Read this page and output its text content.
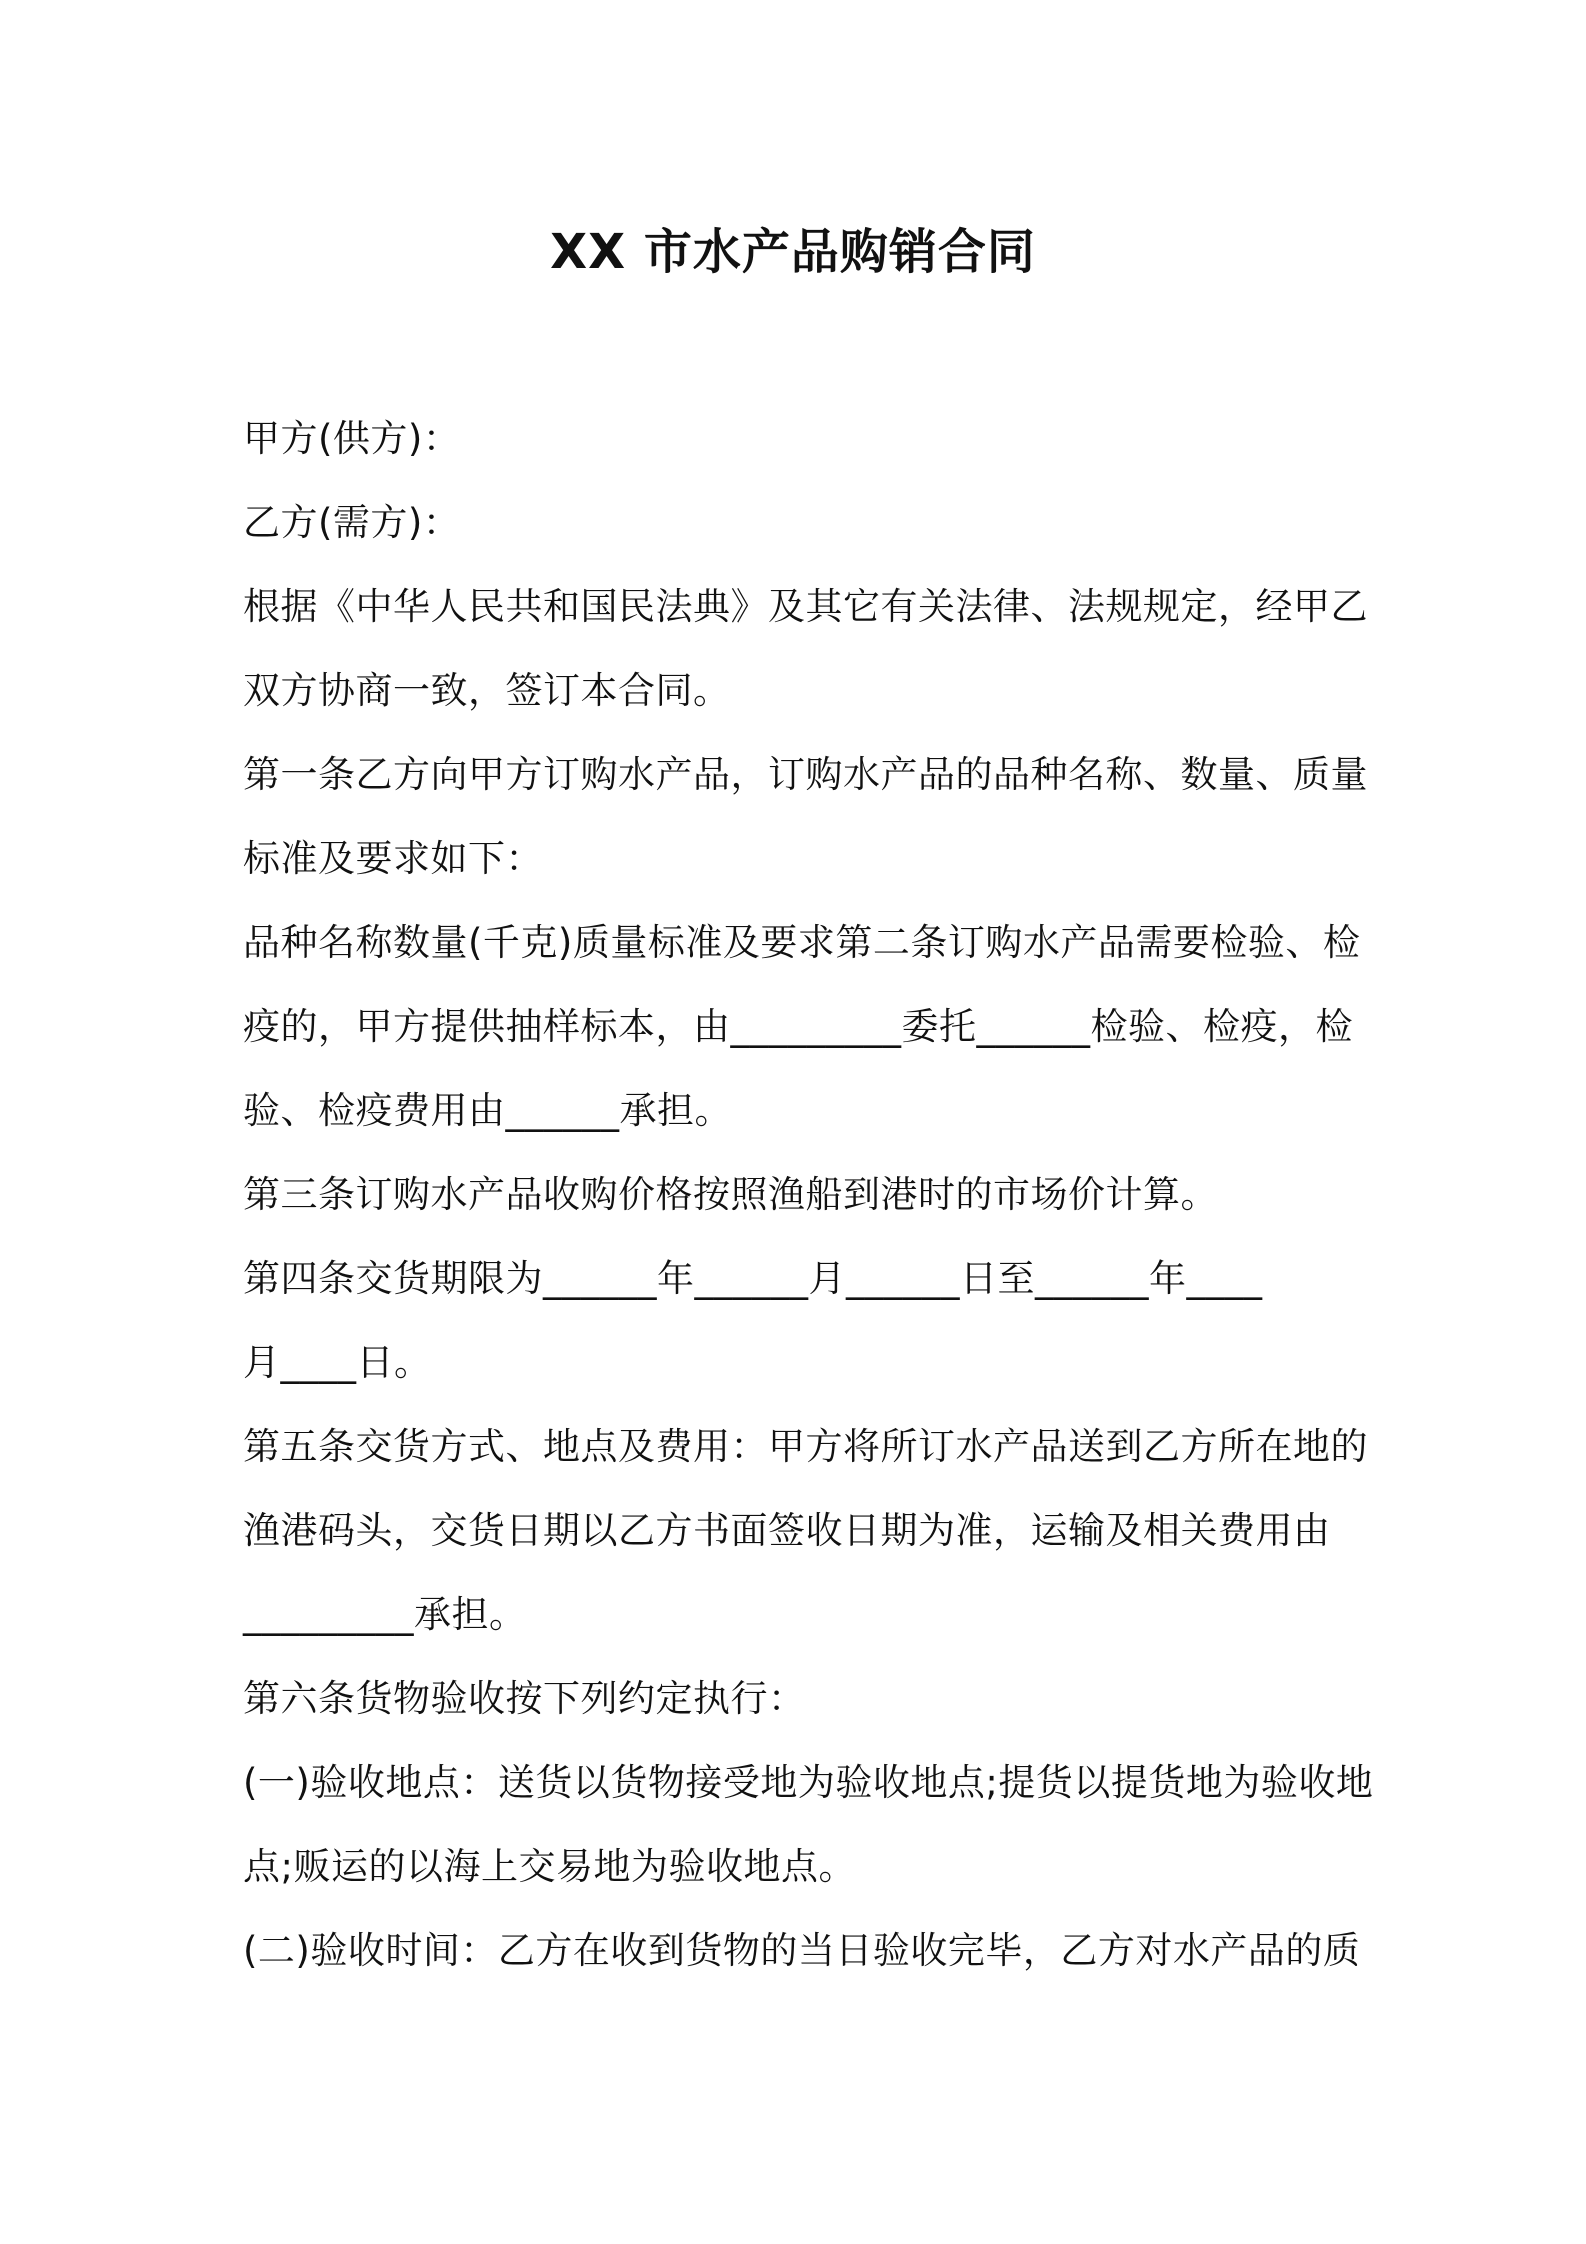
XX 市水产品购销合同
甲方(供方)：
乙方(需方)：
根据《中华人民共和国民法典》及其它有关法律、法规规定，经甲乙
双方协商一致，签订本合同。
第一条乙方向甲方订购水产品，订购水产品的品种名称、数量、质量
标准及要求如下：
品种名称数量(千克)质量标准及要求第二条订购水产品需要检验、检
疫的，甲方提供抽样标本，由_________委托______检验、检疫，检
验、检疫费用由______承担。
第三条订购水产品收购价格按照渔船到港时的市场价计算。
第四条交货期限为______年______月______日至______年____
月____日。
第五条交货方式、地点及费用：甲方将所订水产品送到乙方所在地的
渔港码头，交货日期以乙方书面签收日期为准，运输及相关费用由
_________承担。
第六条货物验收按下列约定执行：
(一)验收地点：送货以货物接受地为验收地点;提货以提货地为验收地
点;贩运的以海上交易地为验收地点。
(二)验收时间：乙方在收到货物的当日验收完毕，乙方对水产品的质
